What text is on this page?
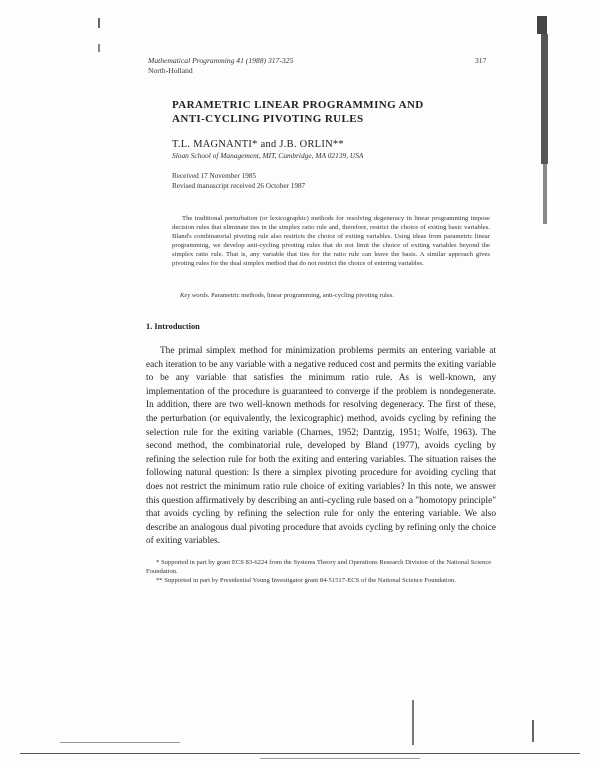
Mathematical Programming 41 (1988) 317-325
North-Holland
317
PARAMETRIC LINEAR PROGRAMMING AND
ANTI-CYCLING PIVOTING RULES
T.L. MAGNANTI* and J.B. ORLIN**
Sloan School of Management, MIT, Cambridge, MA 02139, USA
Received 17 November 1985
Revised manuscript received 26 October 1987
The traditional perturbation (or lexicographic) methods for resolving degeneracy in linear programming impose decision rules that eliminate ties in the simplex ratio rule and, therefore, restrict the choice of exiting basic variables. Bland's combinatorial pivoting rule also restricts the choice of exiting variables. Using ideas from parametric linear programming, we develop anti-cycling pivoting rules that do not limit the choice of exiting variables beyond the simplex ratio rule. That is, any variable that ties for the ratio rule can leave the basis. A similar approach gives pivoting rules for the dual simplex method that do not restrict the choice of entering variables.
Key words. Parametric methods, linear programming, anti-cycling pivoting rules.
1. Introduction
The primal simplex method for minimization problems permits an entering variable at each iteration to be any variable with a negative reduced cost and permits the exiting variable to be any variable that satisfies the minimum ratio rule. As is well-known, any implementation of the procedure is guaranteed to converge if the problem is nondegenerate. In addition, there are two well-known methods for resolving degeneracy. The first of these, the perturbation (or equivalently, the lexicographic) method, avoids cycling by refining the selection rule for the exiting variable (Charnes, 1952; Dantzig, 1951; Wolfe, 1963). The second method, the combinatorial rule, developed by Bland (1977), avoids cycling by refining the selection rule for both the exiting and entering variables. The situation raises the following natural question: Is there a simplex pivoting procedure for avoiding cycling that does not restrict the minimum ratio rule choice of exiting variables? In this note, we answer this question affirmatively by describing an anti-cycling rule based on a "homotopy principle" that avoids cycling by refining the selection rule for only the entering variable. We also describe an analogous dual pivoting procedure that avoids cycling by refining only the choice of exiting variables.
* Supported in part by grant ECS 83-6224 from the Systems Theory and Operations Research Division of the National Science Foundation.
** Supported in part by Presidential Young Investigator grant 84-51517-ECS of the National Science Foundation.
